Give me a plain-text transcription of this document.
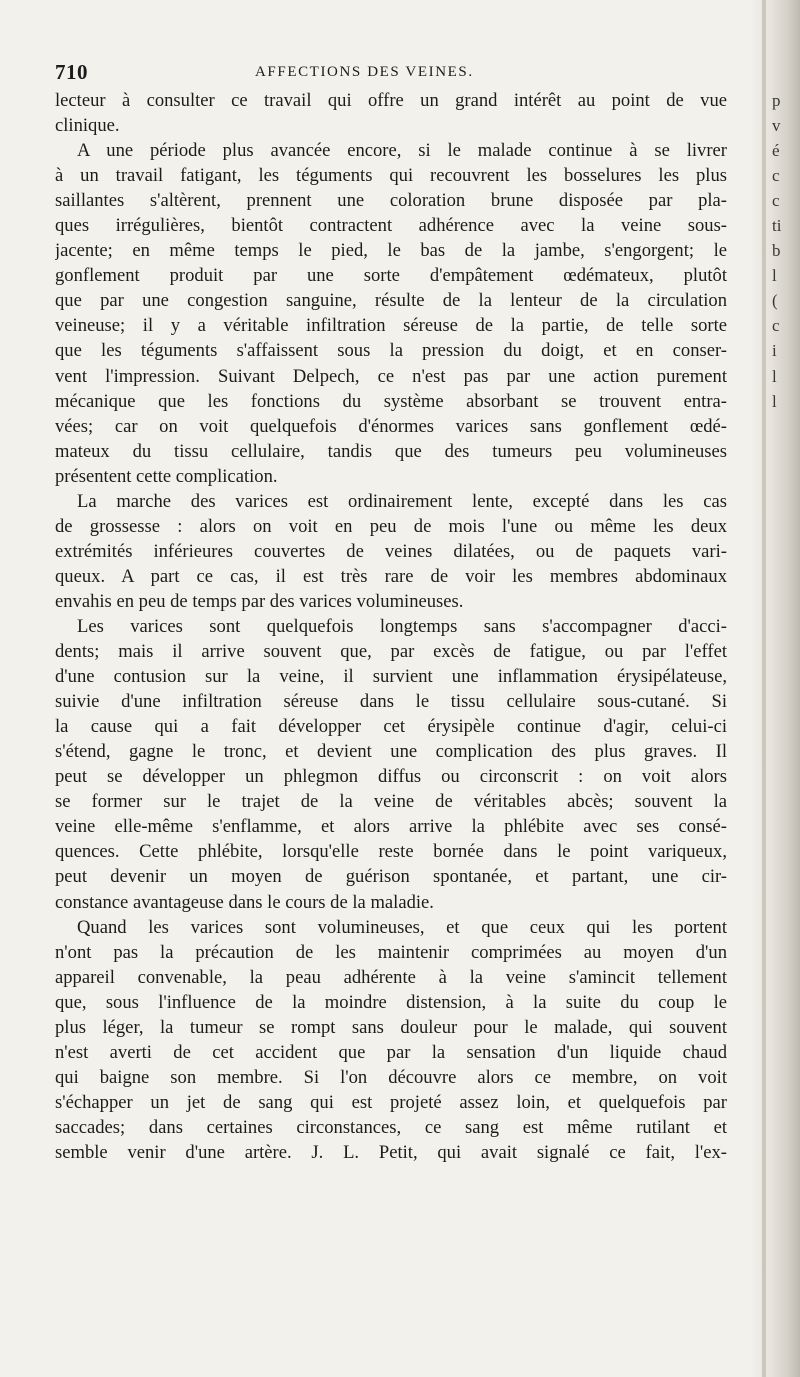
710	AFFECTIONS DES VEINES.
lecteur à consulter ce travail qui offre un grand intérêt au point de vue
clinique.
A une période plus avancée encore, si le malade continue à se livrer
à un travail fatigant, les téguments qui recouvrent les bosselures les plus
saillantes s'altèrent, prennent une coloration brune disposée par pla-
ques irrégulières, bientôt contractent adhérence avec la veine sous-
jacente; en même temps le pied, le bas de la jambe, s'engorgent; le
gonflement produit par une sorte d'empâtement œdémateux, plutôt
que par une congestion sanguine, résulte de la lenteur de la circulation
veineuse; il y a véritable infiltration séreuse de la partie, de telle sorte
que les téguments s'affaissent sous la pression du doigt, et en conser-
vent l'impression. Suivant Delpech, ce n'est pas par une action purement
mécanique que les fonctions du système absorbant se trouvent entra-
vées; car on voit quelquefois d'énormes varices sans gonflement œdé-
mateux du tissu cellulaire, tandis que des tumeurs peu volumineuses
présentent cette complication.
La marche des varices est ordinairement lente, excepté dans les cas
de grossesse : alors on voit en peu de mois l'une ou même les deux
extrémités inférieures couvertes de veines dilatées, ou de paquets vari-
queux. A part ce cas, il est très rare de voir les membres abdominaux
envahis en peu de temps par des varices volumineuses.
Les varices sont quelquefois longtemps sans s'accompagner d'acci-
dents; mais il arrive souvent que, par excès de fatigue, ou par l'effet
d'une contusion sur la veine, il survient une inflammation érysipélateuse,
suivie d'une infiltration séreuse dans le tissu cellulaire sous-cutané. Si
la cause qui a fait développer cet érysipèle continue d'agir, celui-ci
s'étend, gagne le tronc, et devient une complication des plus graves. Il
peut se développer un phlegmon diffus ou circonscrit : on voit alors
se former sur le trajet de la veine de véritables abcès; souvent la
veine elle-même s'enflamme, et alors arrive la phlébite avec ses consé-
quences. Cette phlébite, lorsqu'elle reste bornée dans le point variqueux,
peut devenir un moyen de guérison spontanée, et partant, une cir-
constance avantageuse dans le cours de la maladie.
Quand les varices sont volumineuses, et que ceux qui les portent
n'ont pas la précaution de les maintenir comprimées au moyen d'un
appareil convenable, la peau adhérente à la veine s'amincit tellement
que, sous l'influence de la moindre distension, à la suite du coup le
plus léger, la tumeur se rompt sans douleur pour le malade, qui souvent
n'est averti de cet accident que par la sensation d'un liquide chaud
qui baigne son membre. Si l'on découvre alors ce membre, on voit
s'échapper un jet de sang qui est projeté assez loin, et quelquefois par
saccades; dans certaines circonstances, ce sang est même rutilant et
semble venir d'une artère. J. L. Petit, qui avait signalé ce fait, l'ex-
p
v
é
c
c
ti
b
l
(
c
i
l
l
